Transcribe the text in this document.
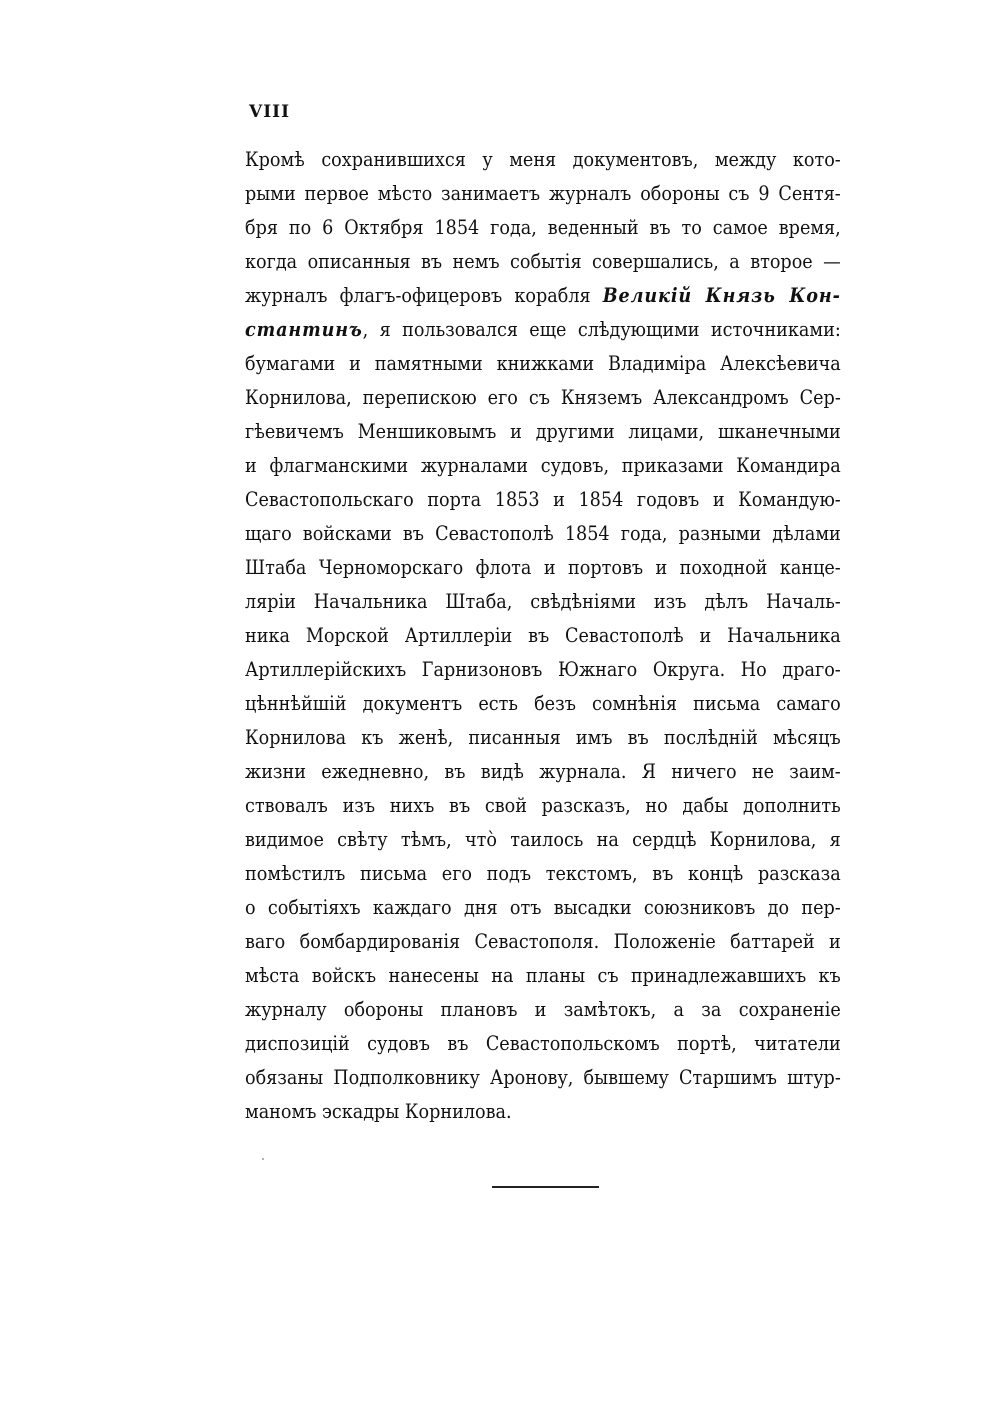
VIII
Кромѣ сохранившихся у меня документовъ, между кото-
рыми первое мѣсто занимаетъ журналъ обороны съ 9 Сентя-
бря по 6 Октября 1854 года, веденный въ то самое время,
когда описанныя въ немъ событія совершались, а второе —
журналъ флагъ-офицеровъ корабля Великій Князь Кон-
стантинъ, я пользовался еще слѣдующими источниками:
бумагами и памятными книжками Владиміра Алексѣевича
Корнилова, перепискою его съ Княземъ Александромъ Сер-
гѣевичемъ Меншиковымъ и другими лицами, шканечными
и флагманскими журналами судовъ, приказами Командира
Севастопольскаго порта 1853 и 1854 годовъ и Командую-
щаго войсками въ Севастополѣ 1854 года, разными дѣлами
Штаба Черноморскаго флота и портовъ и походной канце-
ляріи Начальника Штаба, свѣдѣніями изъ дѣлъ Началь-
ника Морской Артиллеріи въ Севастополѣ и Начальника
Артиллерійскихъ Гарнизоновъ Южнаго Округа. Но драго-
цѣннѣйшій документъ есть безъ сомнѣнія письма самаго
Корнилова къ женѣ, писанныя имъ въ послѣдній мѣсяцъ
жизни ежедневно, въ видѣ журнала. Я ничего не заим-
ствовалъ изъ нихъ въ свой разсказъ, но дабы дополнить
видимое свѣту тѣмъ, что̀ таилось на сердцѣ Корнилова, я
помѣстилъ письма его подъ текстомъ, въ концѣ разсказа
о событіяхъ каждаго дня отъ высадки союзниковъ до пер-
ваго бомбардированія Севастополя. Положеніе баттарей и
мѣста войскъ нанесены на планы съ принадлежавшихъ къ
журналу обороны плановъ и замѣтокъ, а за сохраненіе
диспозицій судовъ въ Севастопольскомъ портѣ, читатели
обязаны Подполковнику Аронову, бывшему Старшимъ штур-
маномъ эскадры Корнилова.
